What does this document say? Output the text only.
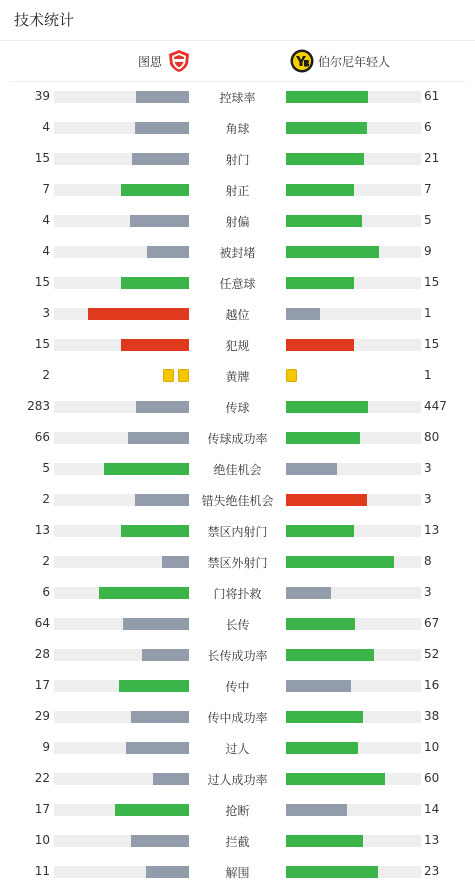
技术统计
图恩	伯尔尼年轻人
39	控球率	61
4	角球	6
15	射门	21
7	射正	7
4	射偏	5
4	被封堵	9
15	任意球	15
3	越位	1
15	犯规	15
2	黄牌	1
283	传球	447
66	传球成功率	80
5	绝佳机会	3
2	错失绝佳机会	3
13	禁区内射门	13
2	禁区外射门	8
6	门将扑救	3
64	长传	67
28	长传成功率	52
17	传中	16
29	传中成功率	38
9	过人	10
22	过人成功率	60
17	抢断	14
10	拦截	13
11	解围	23
